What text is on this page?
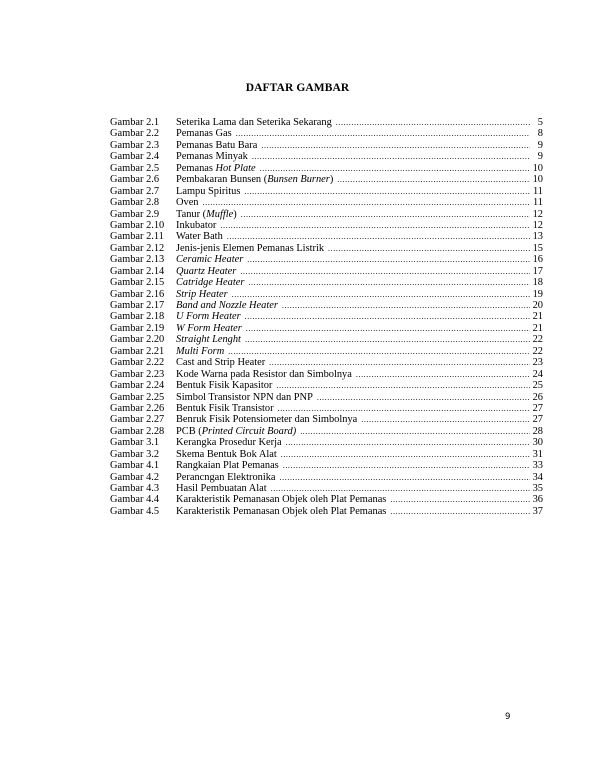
DAFTAR GAMBAR
Gambar 2.1	Seterika Lama dan Seterika Sekarang .....	5
Gambar 2.2	Pemanas Gas .....	8
Gambar 2.3	Pemanas Batu Bara .....	9
Gambar 2.4	Pemanas Minyak .....	9
Gambar 2.5	Pemanas Hot Plate .....	10
Gambar 2.6	Pembakaran Bunsen (Bunsen Burner) .....	10
Gambar 2.7	Lampu Spiritus .....	11
Gambar 2.8	Oven .....	11
Gambar 2.9	Tanur (Muffle) .....	12
Gambar 2.10	Inkubator .....	12
Gambar 2.11	Water Bath .....	13
Gambar 2.12	Jenis-jenis Elemen Pemanas Listrik .....	15
Gambar 2.13	Ceramic Heater .....	16
Gambar 2.14	Quartz Heater .....	17
Gambar 2.15	Catridge Heater .....	18
Gambar 2.16	Strip Heater .....	19
Gambar 2.17	Band and Nozzle Heater .....	20
Gambar 2.18	U Form Heater .....	21
Gambar 2.19	W Form Heater .....	21
Gambar 2.20	Straight Lenght .....	22
Gambar 2.21	Multi Form .....	22
Gambar 2.22	Cast and Strip Heater .....	23
Gambar 2.23	Kode Warna pada Resistor dan Simbolnya .....	24
Gambar 2.24	Bentuk Fisik Kapasitor .....	25
Gambar 2.25	Simbol Transistor NPN dan PNP .....	26
Gambar 2.26	Bentuk Fisik Transistor .....	27
Gambar 2.27	Benruk Fisik Potensiometer dan Simbolnya .....	27
Gambar 2.28	PCB (Printed Circuit Board) .....	28
Gambar 3.1	Kerangka Prosedur Kerja .....	30
Gambar 3.2	Skema Bentuk Bok Alat .....	31
Gambar 4.1	Rangkaian Plat Pemanas .....	33
Gambar 4.2	Perancngan Elektronika .....	34
Gambar 4.3	Hasil Pembuatan Alat .....	35
Gambar 4.4	Karakteristik Pemanasan Objek oleh Plat Pemanas .....	36
Gambar 4.5	Karakteristik Pemanasan Objek oleh Plat Pemanas .....	37
9
